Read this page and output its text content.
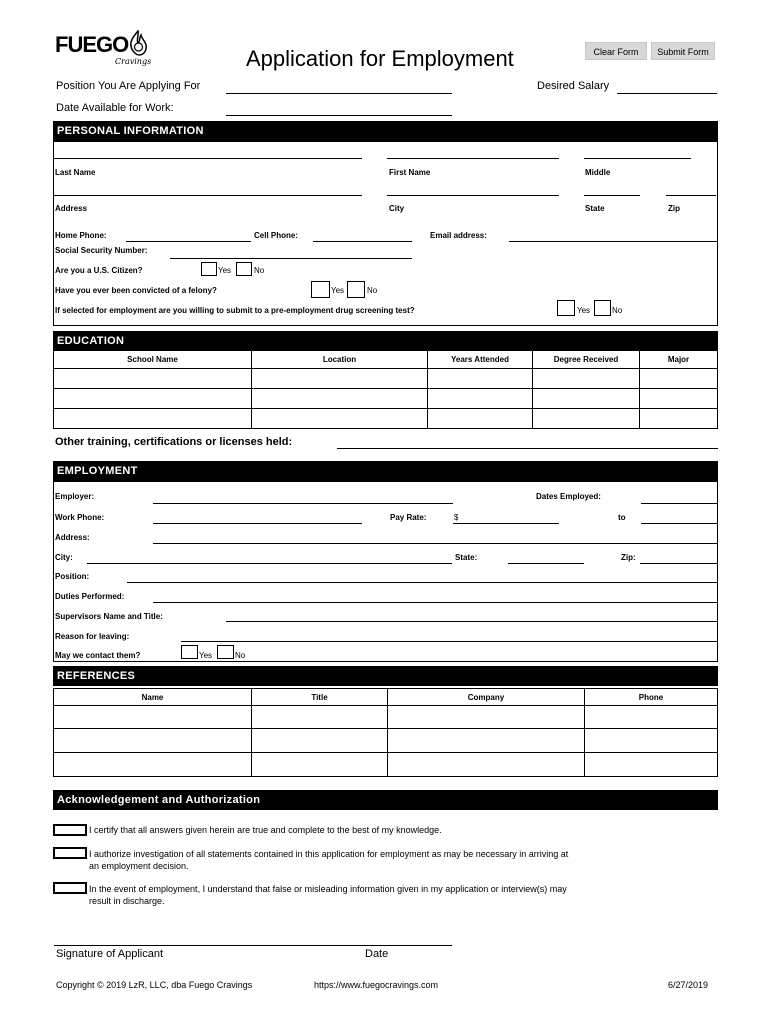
FUEGO
Cravings	Application for Employment	Clear Form	Submit Form
Position You Are Applying For	Desired Salary
Date Available for Work:
PERSONAL INFORMATION
Last Name	First Name	Middle
Address	City	State	Zip
Home Phone:	Cell Phone:	Email address:
Social Security Number:
Are you a U.S. Citizen?	Yes	No
Have you ever been convicted of a felony?	Yes	No
If selected for employment are you willing to submit to a pre-employment drug screening test?	Yes	No
EDUCATION
School Name	Location	Years Attended	Degree Received	Major

Other training, certifications or licenses held:
EMPLOYMENT
Employer:	Dates Employed:
Work Phone:	Pay Rate:	$	to
Address:
City:	State:	Zip:
Position:
Duties Performed:
Supervisors Name and Title:
Reason for leaving:
May we contact them?	Yes	No
REFERENCES
Name	Title	Company	Phone

Acknowledgement and Authorization
I certify that all answers given herein are true and complete to the best of my knowledge.
I authorize investigation of all statements contained in this application for employment as may be necessary in arriving at
an employment decision.
In the event of employment, I understand that false or misleading information given in my application or interview(s) may
result in discharge.
Signature of Applicant	Date
Copyright © 2019 LzR, LLC, dba Fuego Cravings	https://www.fuegocravings.com	6/27/2019
